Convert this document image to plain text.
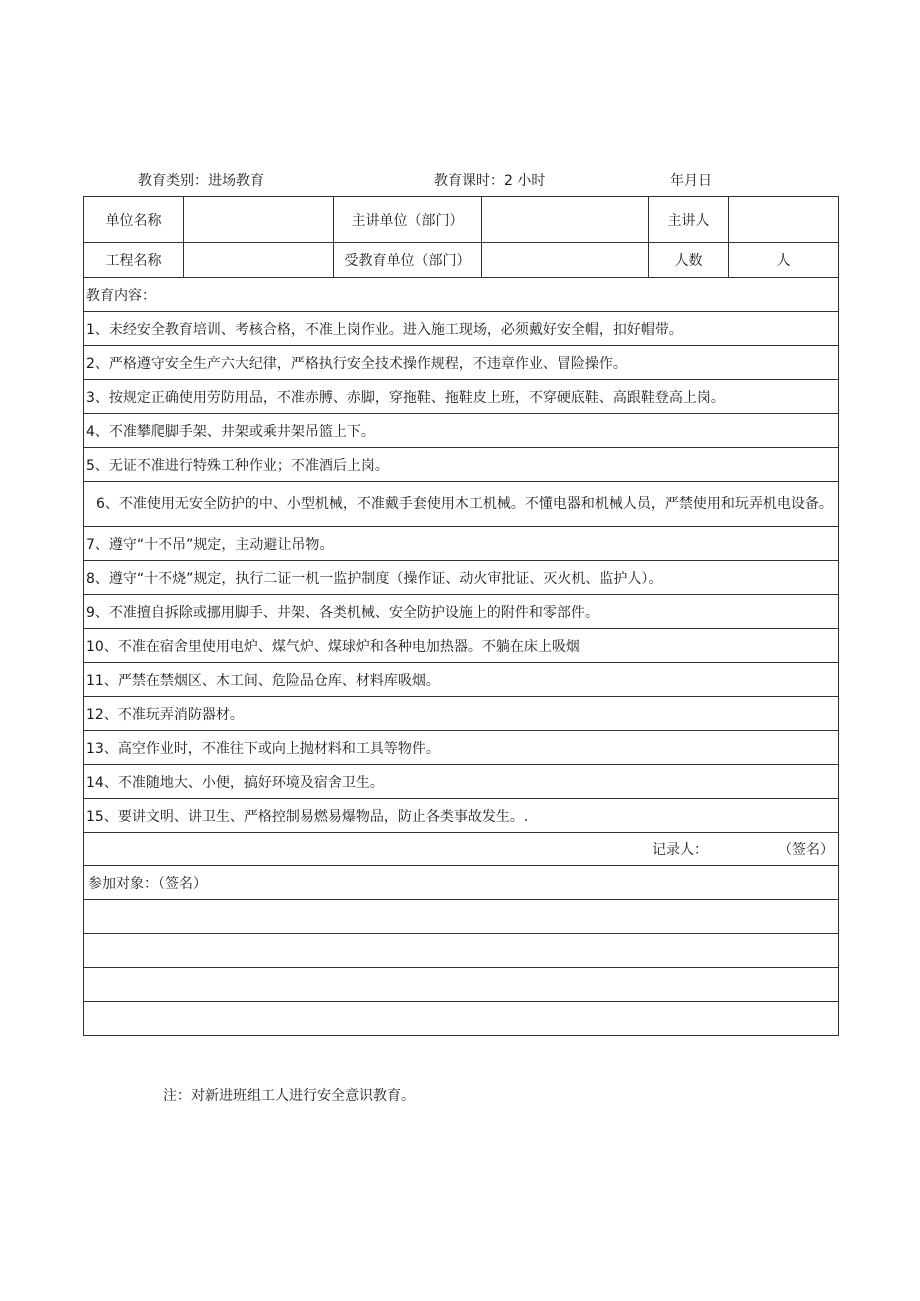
教育类别：进场教育	教育课时：2 小时	年月日
单位名称		主讲单位（部门）		主讲人	
工程名称		受教育单位（部门）		人数	人
教育内容：					
1、未经安全教育培训、考核合格，不准上岗作业。进入施工现场，必须戴好安全帽，扣好帽带。					
2、严格遵守安全生产六大纪律，严格执行安全技术操作规程，不违章作业、冒险操作。					
3、按规定正确使用劳防用品，不准赤膊、赤脚，穿拖鞋、拖鞋皮上班，不穿硬底鞋、高跟鞋登高上岗。					
4、不准攀爬脚手架、井架或乘井架吊篮上下。					
5、无证不准进行特殊工种作业；不准酒后上岗。					
6、不准使用无安全防护的中、小型机械，不准戴手套使用木工机械。不懂电器和机械人员，严禁使用和玩弄机电设备。					
7、遵守“十不吊”规定，主动避让吊物。					
8、遵守“十不烧”规定，执行二证一机一监护制度（操作证、动火审批证、灭火机、监护人）。					
9、不准擅自拆除或挪用脚手、井架、各类机械、安全防护设施上的附件和零部件。					
10、不准在宿舍里使用电炉、煤气炉、煤球炉和各种电加热器。不躺在床上吸烟					
11、严禁在禁烟区、木工间、危险品仓库、材料库吸烟。					
12、不准玩弄消防器材。					
13、高空作业时，不准往下或向上抛材料和工具等物件。					
14、不准随地大、小便，搞好环境及宿舍卫生。					
15、要讲文明、讲卫生、严格控制易燃易爆物品，防止各类事故发生。.					
记录人： （签名）					
参加对象：（签名）					

注：对新进班组工人进行安全意识教育。
